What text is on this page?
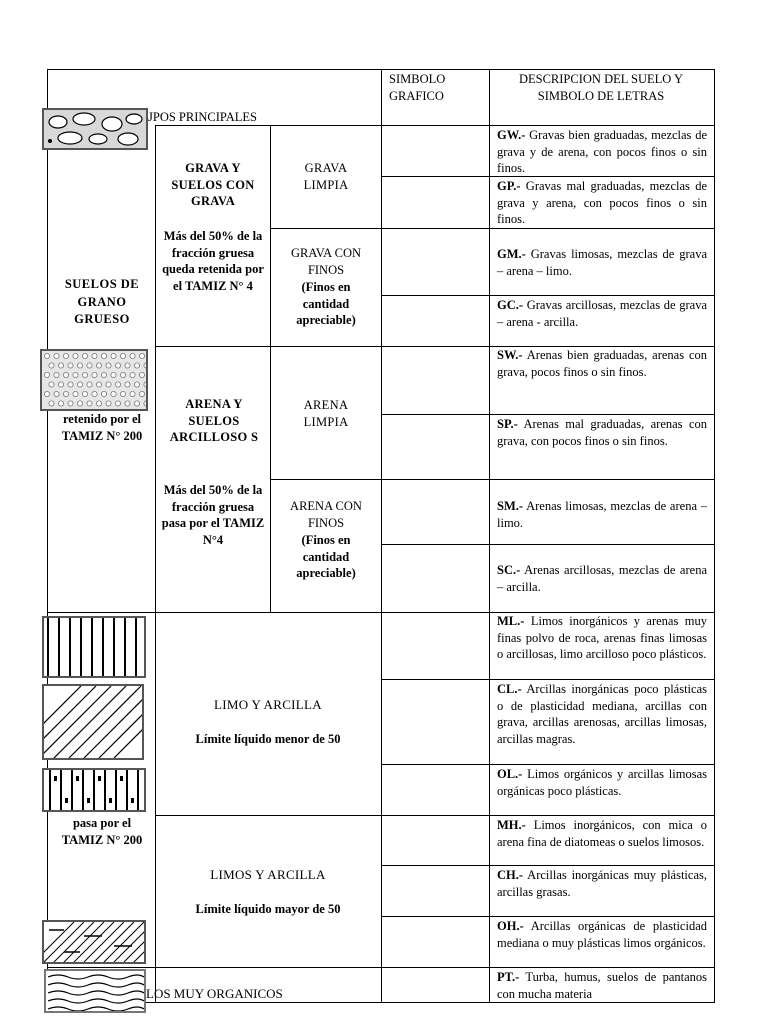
SIMBOLO GRAFICO
DESCRIPCION DEL SUELO Y SIMBOLO DE LETRAS
JPOS PRINCIPALES
SUELOS DE GRANO GRUESO
retenido por el TAMIZ N° 200
pasa por el TAMIZ N° 200
LOS MUY ORGANICOS
GRAVA Y SUELOS CON GRAVA
Más del 50% de la fracción gruesa queda retenida por el TAMIZ N° 4
ARENA Y SUELOS ARCILLOSO S
Más del 50% de la fracción gruesa pasa por el TAMIZ N°4
GRAVA LIMPIA
GRAVA CON FINOS
(Finos en cantidad apreciable)
ARENA LIMPIA
ARENA CON FINOS
(Finos en cantidad apreciable)
LIMO Y ARCILLA
Límite líquido menor de 50
LIMOS Y ARCILLA
Límite líquido mayor de 50
GW.- Gravas bien graduadas, mezclas de grava y de arena, con pocos finos o sin finos.
GP.- Gravas mal graduadas, mezclas de grava y arena, con pocos finos o sin finos.
GM.- Gravas limosas, mezclas de grava – arena – limo.
GC.- Gravas arcillosas, mezclas de grava – arena - arcilla.
SW.- Arenas bien graduadas, arenas con grava, pocos finos o sin finos.
SP.- Arenas mal graduadas, arenas con grava, con pocos finos o sin finos.
SM.- Arenas limosas, mezclas de arena – limo.
SC.- Arenas arcillosas, mezclas de arena – arcilla.
ML.- Limos inorgánicos y arenas muy finas polvo de roca, arenas finas limosas o arcillosas, limo arcilloso poco plásticos.
CL.- Arcillas inorgánicas poco plásticas o de plasticidad mediana, arcillas con grava, arcillas arenosas, arcillas limosas, arcillas magras.
OL.- Limos orgánicos y arcillas limosas orgánicas poco plásticas.
MH.- Limos inorgánicos, con mica o arena fina de diatomeas o suelos limosos.
CH.- Arcillas inorgánicas muy plásticas, arcillas grasas.
OH.- Arcillas orgánicas de plasticidad mediana o muy plásticas limos orgánicos.
PT.- Turba, humus, suelos de pantanos con mucha materia
